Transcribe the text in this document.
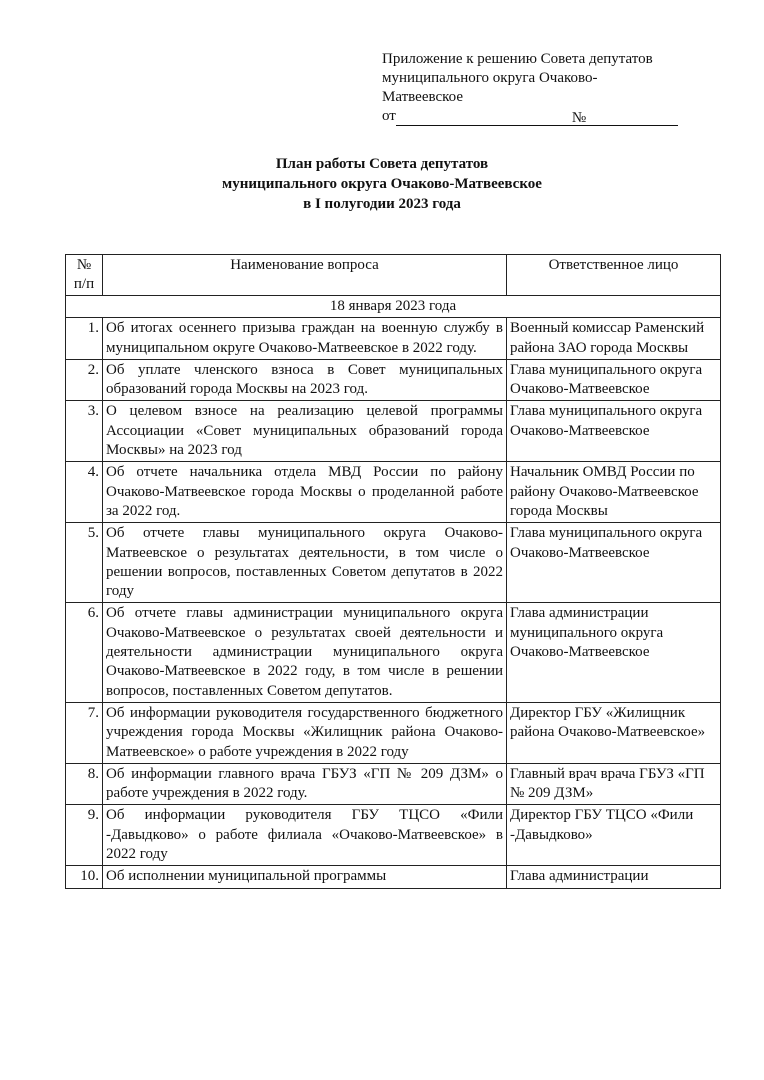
Приложение к решению Совета депутатов
муниципального округа Очаково-
Матвеевское
от	№
План работы Совета депутатов
муниципального округа Очаково-Матвеевское
в I полугодии 2023 года
№
п/п	Наименование вопроса	Ответственное лицо
18 января 2023 года		
1.	Об итогах осеннего призыва граждан на военную службу в муниципальном округе Очаково-Матвеевское в 2022 году.	Военный комиссар Раменский района ЗАО города Москвы
2.	Об уплате членского взноса в Совет муниципальных образований города Москвы на 2023 год.	Глава муниципального округа Очаково-Матвеевское
3.	О целевом взносе на реализацию целевой программы Ассоциации «Совет муниципальных образований города Москвы» на 2023 год	Глава муниципального округа Очаково-Матвеевское
4.	Об отчете начальника отдела МВД России по району Очаково-Матвеевское города Москвы о проделанной работе за 2022 год.	Начальник ОМВД России по району Очаково-Матвеевское города Москвы
5.	Об отчете главы муниципального округа Очаково-Матвеевское о результатах деятельности, в том числе о решении вопросов, поставленных Советом депутатов в 2022 году	Глава муниципального округа Очаково-Матвеевское
6.	Об отчете главы администрации муниципального округа Очаково-Матвеевское о результатах своей деятельности и деятельности администрации муниципального округа Очаково-Матвеевское в 2022 году, в том числе в решении вопросов, поставленных Советом депутатов.	Глава администрации муниципального округа Очаково-Матвеевское
7.	Об информации руководителя государственного бюджетного учреждения города Москвы «Жилищник района Очаково-Матвеевское» о работе учреждения в 2022 году	Директор ГБУ «Жилищник района Очаково-Матвеевское»
8.	Об информации главного врача ГБУЗ «ГП № 209 ДЗМ» о работе учреждения в 2022 году.	Главный врач врача ГБУЗ «ГП № 209 ДЗМ»
9.	Об информации руководителя ГБУ ТЦСО «Фили -Давыдково» о работе филиала «Очаково-Матвеевское» в 2022 году	Директор ГБУ ТЦСО «Фили -Давыдково»
10.	Об исполнении муниципальной программы	Глава администрации
